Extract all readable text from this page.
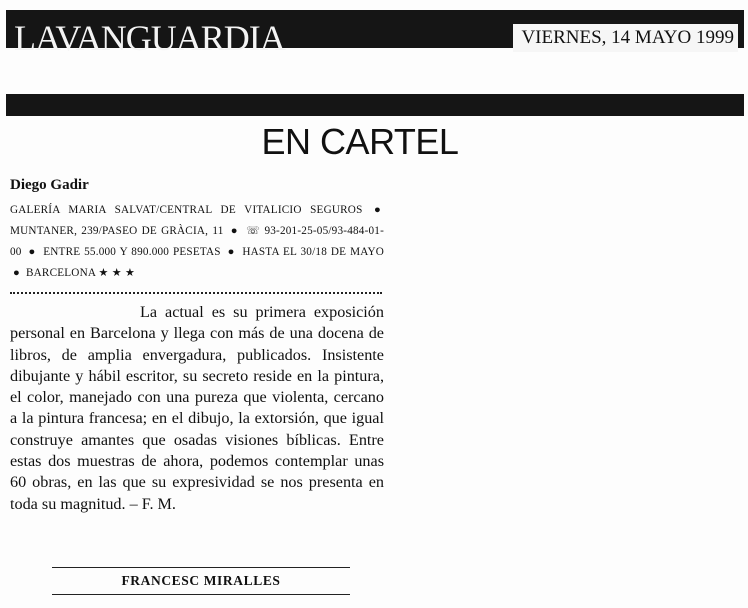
LAVANGUARDIA	VIERNES, 14 MAYO 1999
EN CARTEL
Diego Gadir
GALERÍA MARIA SALVAT/CENTRAL DE VITALICIO SEGUROS ● MUNTANER, 239/PASEO DE GRÀCIA, 11 ● ☏ 93-201-25-05/93-484-01-00 ● ENTRE 55.000 Y 890.000 PESETAS ● HASTA EL 30/18 DE MAYO ● BARCELONA ★ ★ ★
La actual es su primera exposición personal en Barcelona y llega con más de una docena de libros, de amplia envergadura, publicados. Insistente dibujante y hábil escritor, su secreto reside en la pintura, el color, manejado con una pureza que violenta, cercano a la pintura francesa; en el dibujo, la extorsión, que igual construye amantes que osadas visiones bíblicas. Entre estas dos muestras de ahora, podemos contemplar unas 60 obras, en las que su expresividad se nos presenta en toda su magnitud. – F. M.
FRANCESC MIRALLES
